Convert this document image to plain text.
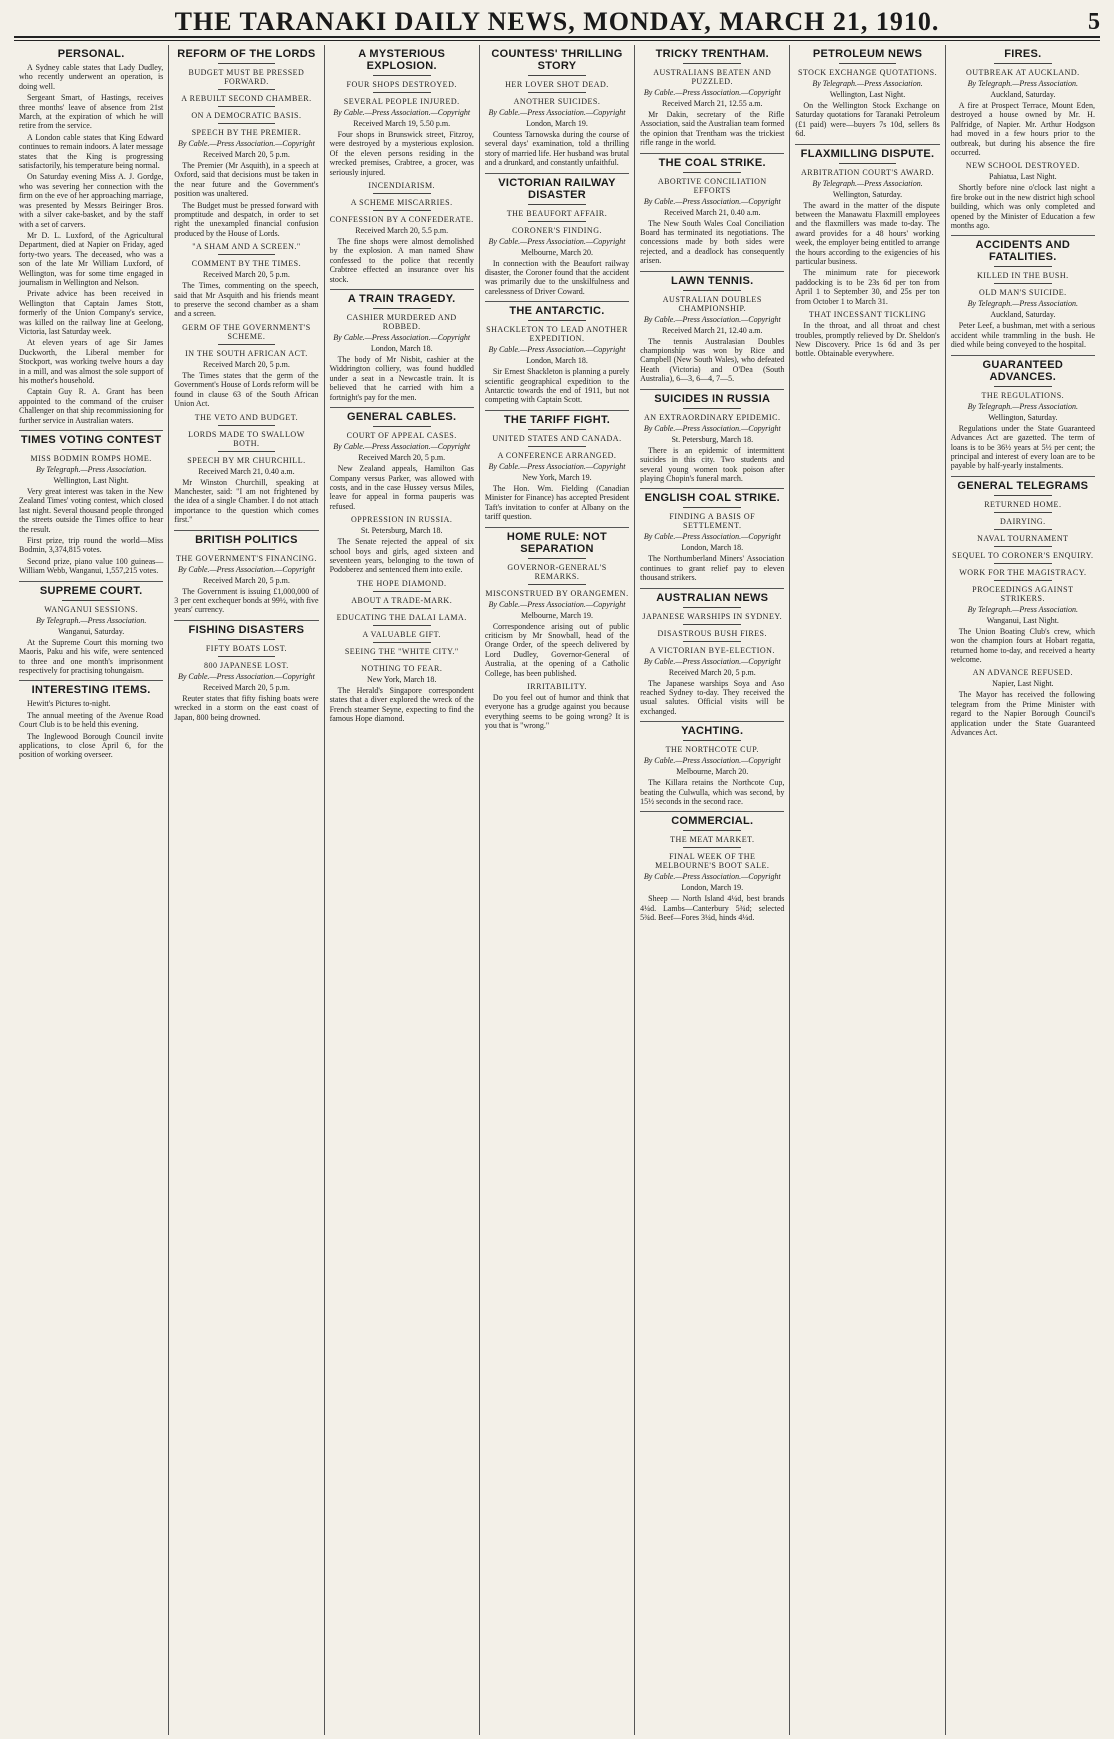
THE TARANAKI DAILY NEWS, MONDAY, MARCH 21, 1910.	5
PERSONAL.

A Sydney cable states that Lady Dudley, who recently underwent an operation, is doing well.

Sergeant Smart, of Hastings, receives three months' leave of absence from 21st March, at the expiration of which he will retire from the service.

A London cable states that King Edward continues to remain indoors. A later message states that the King is progressing satisfactorily, his temperature being normal.

On Saturday evening Miss A. J. Gordge, who was severing her connection with the firm on the eve of her approaching marriage, was presented by Messrs Beiringer Bros. with a silver cake-basket, and by the staff with a set of carvers.

Mr D. L. Luxford, of the Agricultural Department, died at Napier on Friday, aged forty-two years. The deceased, who was a son of the late Mr William Luxford, of Wellington, was for some time engaged in journalism in Wellington and Nelson.

Private advice has been received in Wellington that Captain James Stott, formerly of the Union Company's service, was killed on the railway line at Geelong, Victoria, last Saturday week.

At eleven years of age Sir James Duckworth, the Liberal member for Stockport, was working twelve hours a day in a mill, and was almost the sole support of his mother's household.

Captain Guy R. A. Grant has been appointed to the command of the cruiser Challenger on that ship recommissioning for further service in Australian waters.

TIMES VOTING CONTEST
MISS BODMIN ROMPS HOME.
By Telegraph.—Press Association.
Wellington, Last Night.

Very great interest was taken in the New Zealand Times' voting contest, which closed last night. Several thousand people thronged the streets outside the Times office to hear the result.

First prize, trip round the world—Miss Bodmin, 3,374,815 votes.

Second prize, piano value 100 guineas—William Webb, Wanganui, 1,557,215 votes.

SUPREME COURT.
WANGANUI SESSIONS.
By Telegraph.—Press Association.
Wanganui, Saturday.

At the Supreme Court this morning two Maoris, Paku and his wife, were sentenced to three and one month's imprisonment respectively for practising tohungaism.

INTERESTING ITEMS.

Hewitt's Pictures to-night.

The annual meeting of the Avenue Road Court Club is to be held this evening.

The Inglewood Borough Council invite applications, to close April 6, for the position of working overseer.

REFORM OF THE LORDS
BUDGET MUST BE PRESSED FORWARD.
A REBUILT SECOND CHAMBER.
ON A DEMOCRATIC BASIS.
SPEECH BY THE PREMIER.
By Cable.—Press Association.—Copyright
Received March 20, 5 p.m.

The Premier (Mr Asquith), in a speech at Oxford, said that decisions must be taken in the near future and the Government's position was unaltered.

The Budget must be pressed forward with promptitude and despatch, in order to set right the unexampled financial confusion produced by the House of Lords.

"A SHAM AND A SCREEN."
COMMENT BY THE TIMES.
Received March 20, 5 p.m.

The Times, commenting on the speech, said that Mr Asquith and his friends meant to preserve the second chamber as a sham and a screen.

GERM OF THE GOVERNMENT'S SCHEME.
IN THE SOUTH AFRICAN ACT.
Received March 20, 5 p.m.

The Times states that the germ of the Government's House of Lords reform will be found in clause 63 of the South African Union Act.

THE VETO AND BUDGET.
LORDS MADE TO SWALLOW BOTH.
SPEECH BY MR CHURCHILL.
Received March 21, 0.40 a.m.

Mr Winston Churchill, speaking at Manchester, said: "I am not frightened by the idea of a single Chamber. I do not attach importance to the question which comes first."

BRITISH POLITICS
THE GOVERNMENT'S FINANCING.
By Cable.—Press Association.—Copyright
Received March 20, 5 p.m.

The Government is issuing £1,000,000 of 3 per cent exchequer bonds at 99½, with five years' currency.

FISHING DISASTERS
FIFTY BOATS LOST.
800 JAPANESE LOST.
By Cable.—Press Association.—Copyright
Received March 20, 5 p.m.

Reuter states that fifty fishing boats were wrecked in a storm on the east coast of Japan, 800 being drowned.

A MYSTERIOUS EXPLOSION.
FOUR SHOPS DESTROYED.
SEVERAL PEOPLE INJURED.
By Cable.—Press Association.—Copyright
Received March 19, 5.50 p.m.

Four shops in Brunswick street, Fitzroy, were destroyed by a mysterious explosion. Of the eleven persons residing in the wrecked premises, Crabtree, a grocer, was seriously injured.

INCENDIARISM.
A SCHEME MISCARRIES.
CONFESSION BY A CONFEDERATE.
Received March 20, 5.5 p.m.

The fine shops were almost demolished by the explosion. A man named Shaw confessed to the police that recently Crabtree effected an insurance over his stock.

A TRAIN TRAGEDY.
CASHIER MURDERED AND ROBBED.
By Cable.—Press Association.—Copyright
London, March 18.

The body of Mr Nisbit, cashier at the Widdrington colliery, was found huddled under a seat in a Newcastle train. It is believed that he carried with him a fortnight's pay for the men.

GENERAL CABLES.
COURT OF APPEAL CASES.
By Cable.—Press Association.—Copyright
Received March 20, 5 p.m.

New Zealand appeals, Hamilton Gas Company versus Parker, was allowed with costs, and in the case Hussey versus Miles, leave for appeal in forma pauperis was refused.

OPPRESSION IN RUSSIA.
St. Petersburg, March 18.

The Senate rejected the appeal of six school boys and girls, aged sixteen and seventeen years, belonging to the town of Podoberez and sentenced them into exile.

THE HOPE DIAMOND.
ABOUT A TRADE-MARK.
EDUCATING THE DALAI LAMA.
A VALUABLE GIFT.
SEEING THE "WHITE CITY."
NOTHING TO FEAR.
New York, March 18.

The Herald's Singapore correspondent states that a diver explored the wreck of the French steamer Seyne, expecting to find the famous Hope diamond.

COUNTESS' THRILLING STORY
HER LOVER SHOT DEAD.
ANOTHER SUICIDES.
By Cable.—Press Association.—Copyright
London, March 19.

Countess Tarnowska during the course of several days' examination, told a thrilling story of married life. Her husband was brutal and a drunkard, and constantly unfaithful.

VICTORIAN RAILWAY DISASTER
THE BEAUFORT AFFAIR.
CORONER'S FINDING.
By Cable.—Press Association.—Copyright
Melbourne, March 20.

In connection with the Beaufort railway disaster, the Coroner found that the accident was primarily due to the unskilfulness and carelessness of Driver Coward.

THE ANTARCTIC.
SHACKLETON TO LEAD ANOTHER EXPEDITION.
By Cable.—Press Association.—Copyright
London, March 18.

Sir Ernest Shackleton is planning a purely scientific geographical expedition to the Antarctic towards the end of 1911, but not competing with Captain Scott.

THE TARIFF FIGHT.
UNITED STATES AND CANADA.
A CONFERENCE ARRANGED.
By Cable.—Press Association.—Copyright
New York, March 19.

The Hon. Wm. Fielding (Canadian Minister for Finance) has accepted President Taft's invitation to confer at Albany on the tariff question.

HOME RULE: NOT SEPARATION
GOVERNOR-GENERAL'S REMARKS.
MISCONSTRUED BY ORANGEMEN.
By Cable.—Press Association.—Copyright
Melbourne, March 19.

Correspondence arising out of public criticism by Mr Snowball, head of the Orange Order, of the speech delivered by Lord Dudley, Governor-General of Australia, at the opening of a Catholic College, has been published.

IRRITABILITY.

Do you feel out of humor and think that everyone has a grudge against you because everything seems to be going wrong? It is you that is "wrong."

TRICKY TRENTHAM.
AUSTRALIANS BEATEN AND PUZZLED.
By Cable.—Press Association.—Copyright
Received March 21, 12.55 a.m.

Mr Dakin, secretary of the Rifle Association, said the Australian team formed the opinion that Trentham was the trickiest rifle range in the world.

THE COAL STRIKE.
ABORTIVE CONCILIATION EFFORTS
By Cable.—Press Association.—Copyright
Received March 21, 0.40 a.m.

The New South Wales Coal Conciliation Board has terminated its negotiations. The concessions made by both sides were rejected, and a deadlock has consequently arisen.

LAWN TENNIS.
AUSTRALIAN DOUBLES CHAMPIONSHIP.
By Cable.—Press Association.—Copyright
Received March 21, 12.40 a.m.

The tennis Australasian Doubles championship was won by Rice and Campbell (New South Wales), who defeated Heath (Victoria) and O'Dea (South Australia), 6—3, 6—4, 7—5.

SUICIDES IN RUSSIA
AN EXTRAORDINARY EPIDEMIC.
By Cable.—Press Association.—Copyright
St. Petersburg, March 18.

There is an epidemic of intermittent suicides in this city. Two students and several young women took poison after playing Chopin's funeral march.

ENGLISH COAL STRIKE.
FINDING A BASIS OF SETTLEMENT.
By Cable.—Press Association.—Copyright
London, March 18.

The Northumberland Miners' Association continues to grant relief pay to eleven thousand strikers.

AUSTRALIAN NEWS
JAPANESE WARSHIPS IN SYDNEY.
DISASTROUS BUSH FIRES.
A VICTORIAN BYE-ELECTION.
By Cable.—Press Association.—Copyright
Received March 20, 5 p.m.

The Japanese warships Soya and Aso reached Sydney to-day. They received the usual salutes. Official visits will be exchanged.

YACHTING.
THE NORTHCOTE CUP.
By Cable.—Press Association.—Copyright
Melbourne, March 20.

The Killara retains the Northcote Cup, beating the Culwulla, which was second, by 15½ seconds in the second race.

COMMERCIAL.
THE MEAT MARKET.
FINAL WEEK OF THE MELBOURNE'S BOOT SALE.
By Cable.—Press Association.—Copyright
London, March 19.

Sheep — North Island 4¼d, best brands 4¼d. Lambs—Canterbury 5¾d; selected 5¾d. Beef—Fores 3¼d, hinds 4¼d.

PETROLEUM NEWS
STOCK EXCHANGE QUOTATIONS.
By Telegraph.—Press Association.
Wellington, Last Night.

On the Wellington Stock Exchange on Saturday quotations for Taranaki Petroleum (£1 paid) were—buyers 7s 10d, sellers 8s 6d.

FLAXMILLING DISPUTE.
ARBITRATION COURT'S AWARD.
By Telegraph.—Press Association.
Wellington, Saturday.

The award in the matter of the dispute between the Manawatu Flaxmill employees and the flaxmillers was made to-day. The award provides for a 48 hours' working week, the employer being entitled to arrange the hours according to the exigencies of his particular business.

The minimum rate for piecework paddocking is to be 23s 6d per ton from April 1 to September 30, and 25s per ton from October 1 to March 31.

THAT INCESSANT TICKLING

In the throat, and all throat and chest troubles, promptly relieved by Dr. Sheldon's New Discovery. Price 1s 6d and 3s per bottle. Obtainable everywhere.

FIRES.
OUTBREAK AT AUCKLAND.
By Telegraph.—Press Association.
Auckland, Saturday.

A fire at Prospect Terrace, Mount Eden, destroyed a house owned by Mr. H. Palfridge, of Napier. Mr. Arthur Hodgson had moved in a few hours prior to the outbreak, but during his absence the fire occurred.

NEW SCHOOL DESTROYED.
Pahiatua, Last Night.

Shortly before nine o'clock last night a fire broke out in the new district high school building, which was only completed and opened by the Minister of Education a few months ago.

ACCIDENTS AND FATALITIES.
KILLED IN THE BUSH.
OLD MAN'S SUICIDE.
By Telegraph.—Press Association.
Auckland, Saturday.

Peter Leef, a bushman, met with a serious accident while trammling in the bush. He died while being conveyed to the hospital.

GUARANTEED ADVANCES.
THE REGULATIONS.
By Telegraph.—Press Association.
Wellington, Saturday.

Regulations under the State Guaranteed Advances Act are gazetted. The term of loans is to be 36½ years at 5½ per cent; the principal and interest of every loan are to be payable by half-yearly instalments.

GENERAL TELEGRAMS
RETURNED HOME.
DAIRYING.
NAVAL TOURNAMENT
SEQUEL TO CORONER'S ENQUIRY.
WORK FOR THE MAGISTRACY.
PROCEEDINGS AGAINST STRIKERS.
By Telegraph.—Press Association.
Wanganui, Last Night.

The Union Boating Club's crew, which won the champion fours at Hobart regatta, returned home to-day, and received a hearty welcome.

AN ADVANCE REFUSED.
Napier, Last Night.

The Mayor has received the following telegram from the Prime Minister with regard to the Napier Borough Council's application under the State Guaranteed Advances Act.
